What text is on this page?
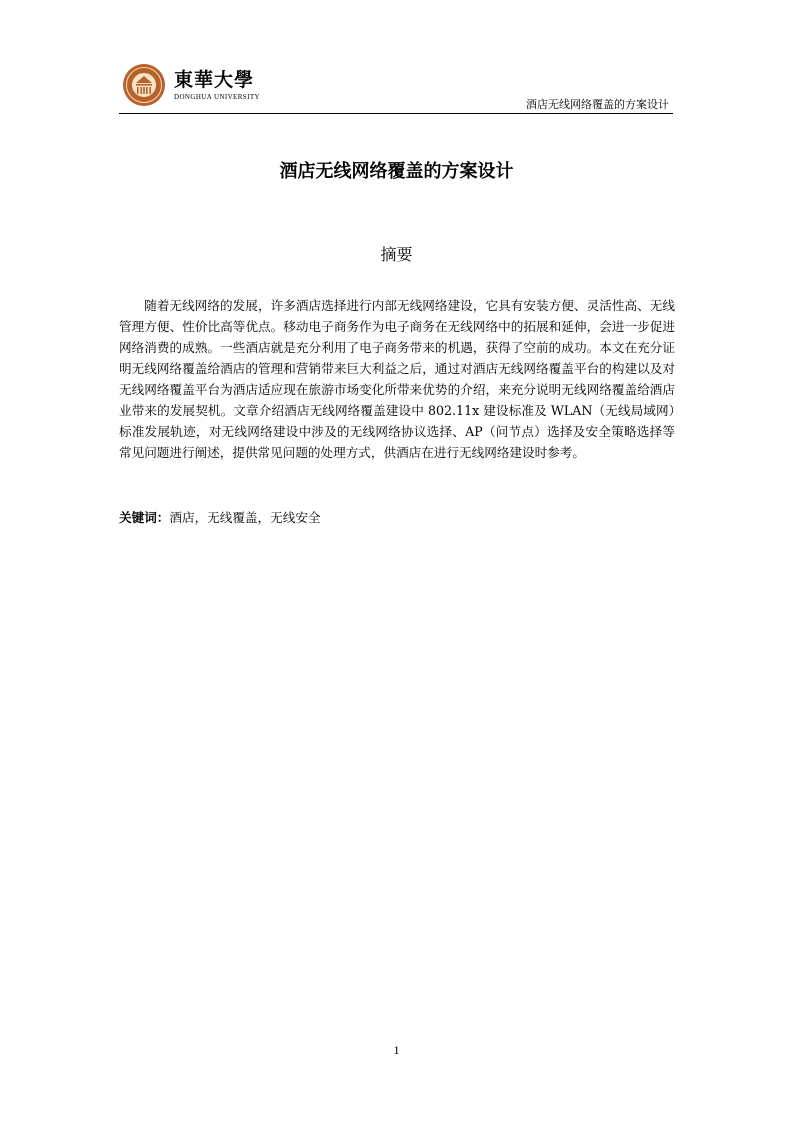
東華大學
DONGHUA UNIVERSITY
酒店无线网络覆盖的方案设计
酒店无线网络覆盖的方案设计
摘要

随着无线网络的发展，许多酒店选择进行内部无线网络建设，它具有安装方便、灵活性高、无线管理方便、性价比高等优点。移动电子商务作为电子商务在无线网络中的拓展和延伸，会进一步促进网络消费的成熟。一些酒店就是充分利用了电子商务带来的机遇，获得了空前的成功。本文在充分证明无线网络覆盖给酒店的管理和营销带来巨大利益之后，通过对酒店无线网络覆盖平台的构建以及对无线网络覆盖平台为酒店适应现在旅游市场变化所带来优势的介绍，来充分说明无线网络覆盖给酒店业带来的发展契机。文章介绍酒店无线网络覆盖建设中 802.11x 建设标准及 WLAN（无线局域网）标准发展轨迹，对无线网络建设中涉及的无线网络协议选择、AP（问节点）选择及安全策略选择等常见问题进行阐述，提供常见问题的处理方式，供酒店在进行无线网络建设时参考。

关键词：酒店，无线覆盖，无线安全
1
